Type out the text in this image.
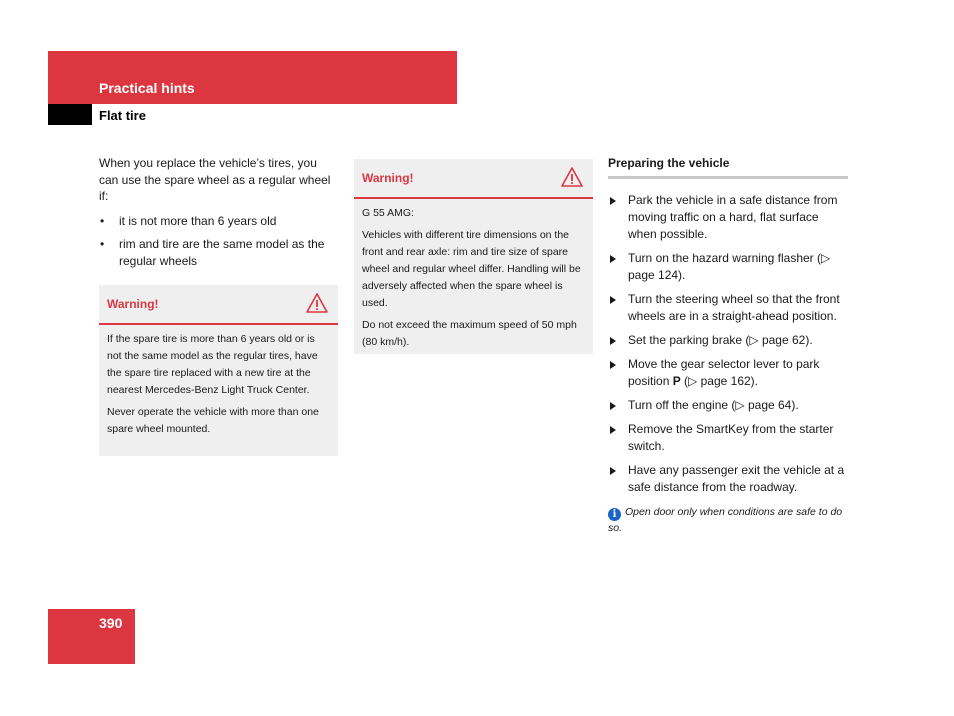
Practical hints
Flat tire

When you replace the vehicle’s tires, you can use the spare wheel as a regular wheel if:

• it is not more than 6 years old
• rim and tire are the same model as the regular wheels
Warning!

If the spare tire is more than 6 years old or is not the same model as the regular tires, have the spare tire replaced with a new tire at the nearest Mercedes-Benz Light Truck Center.

Never operate the vehicle with more than one spare wheel mounted.

Warning!

G 55 AMG:

Vehicles with different tire dimensions on the front and rear axle: rim and tire size of spare wheel and regular wheel differ. Handling will be adversely affected when the spare wheel is used.

Do not exceed the maximum speed of 50 mph (80 km/h).

Preparing the vehicle
Park the vehicle in a safe distance from moving traffic on a hard, flat surface when possible.
Turn on the hazard warning flasher (▷ page 124).
Turn the steering wheel so that the front wheels are in a straight-ahead position.
Set the parking brake (▷ page 62).
Move the gear selector lever to park position P (▷ page 162).
Turn off the engine (▷ page 64).
Remove the SmartKey from the starter switch.
Have any passenger exit the vehicle at a safe distance from the roadway.
i Open door only when conditions are safe to do so.
390
